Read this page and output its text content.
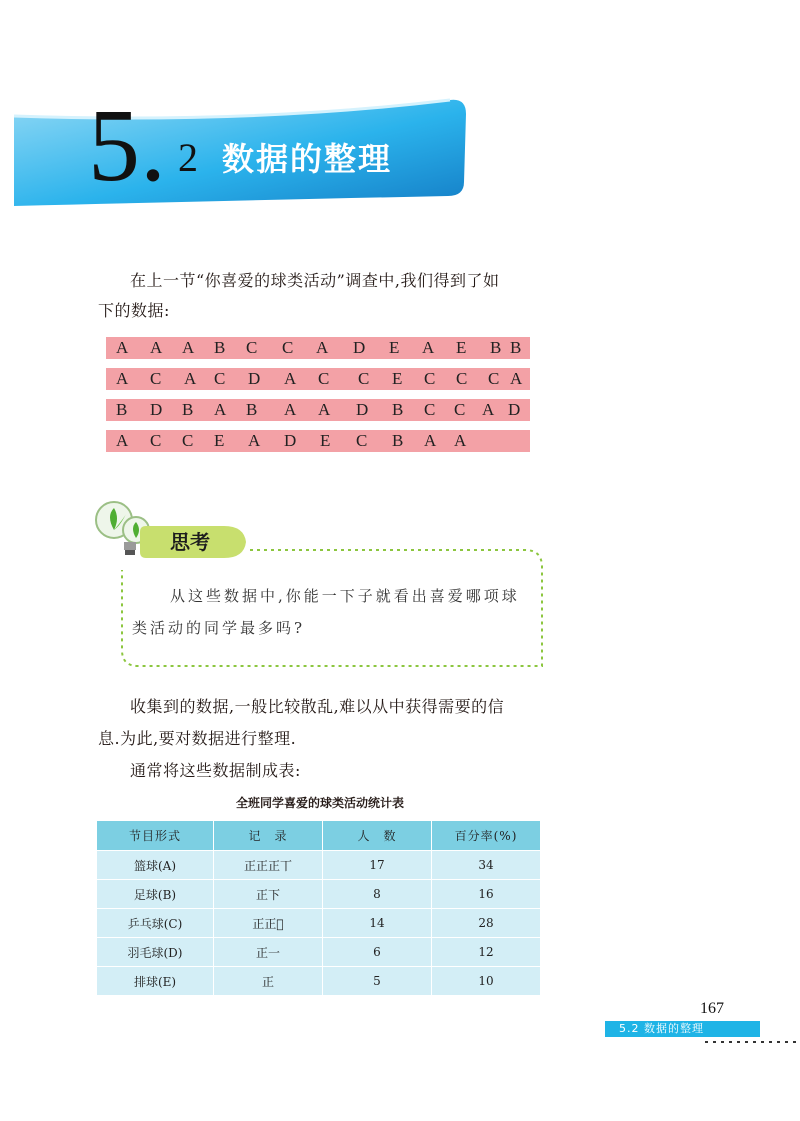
5. 2 数据的整理
在上一节“你喜爱的球类活动”调查中,我们得到了如
下的数据:
A A A B C C A D E A E B B
A C A C D A C C E C C C A
B D B A B A A D B C C A D
A C C E A D E C B A A
思考
从这些数据中,你能一下子就看出喜爱哪项球
类活动的同学最多吗?
收集到的数据,一般比较散乱,难以从中获得需要的信
息.为此,要对数据进行整理.
通常将这些数据制成表:
全班同学喜爱的球类活动统计表
节目形式	记　录	人　数	百分率(%)
篮球(A)	正正正丅	17	34
足球(B)	正下	8	16
乒乓球(C)	正正𠀉	14	28
羽毛球(D)	正一	6	12
排球(E)	正	5	10
167
5.2 数据的整理
